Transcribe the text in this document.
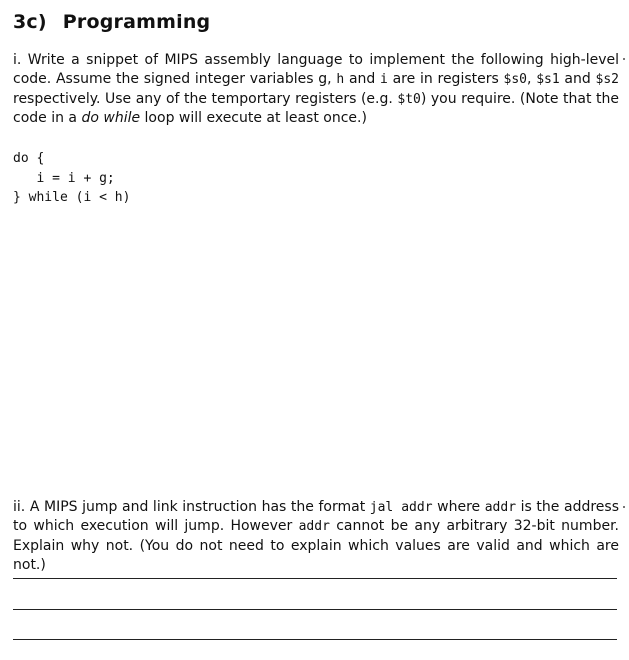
3c) Programming
i. Write a snippet of MIPS assembly language to implement the following high-level code. Assume the signed integer variables g, h and i are in registers $s0, $s1 and $s2 respectively. Use any of the temportary registers (e.g. $t0) you require. (Note that the code in a do while loop will execute at least once.)
do {
i = i + g;
} while (i < h)
ii. A MIPS jump and link instruction has the format jal addr where addr is the address to which execution will jump. However addr cannot be any arbitrary 32-bit number. Explain why not. (You do not need to explain which values are valid and which are not.)
